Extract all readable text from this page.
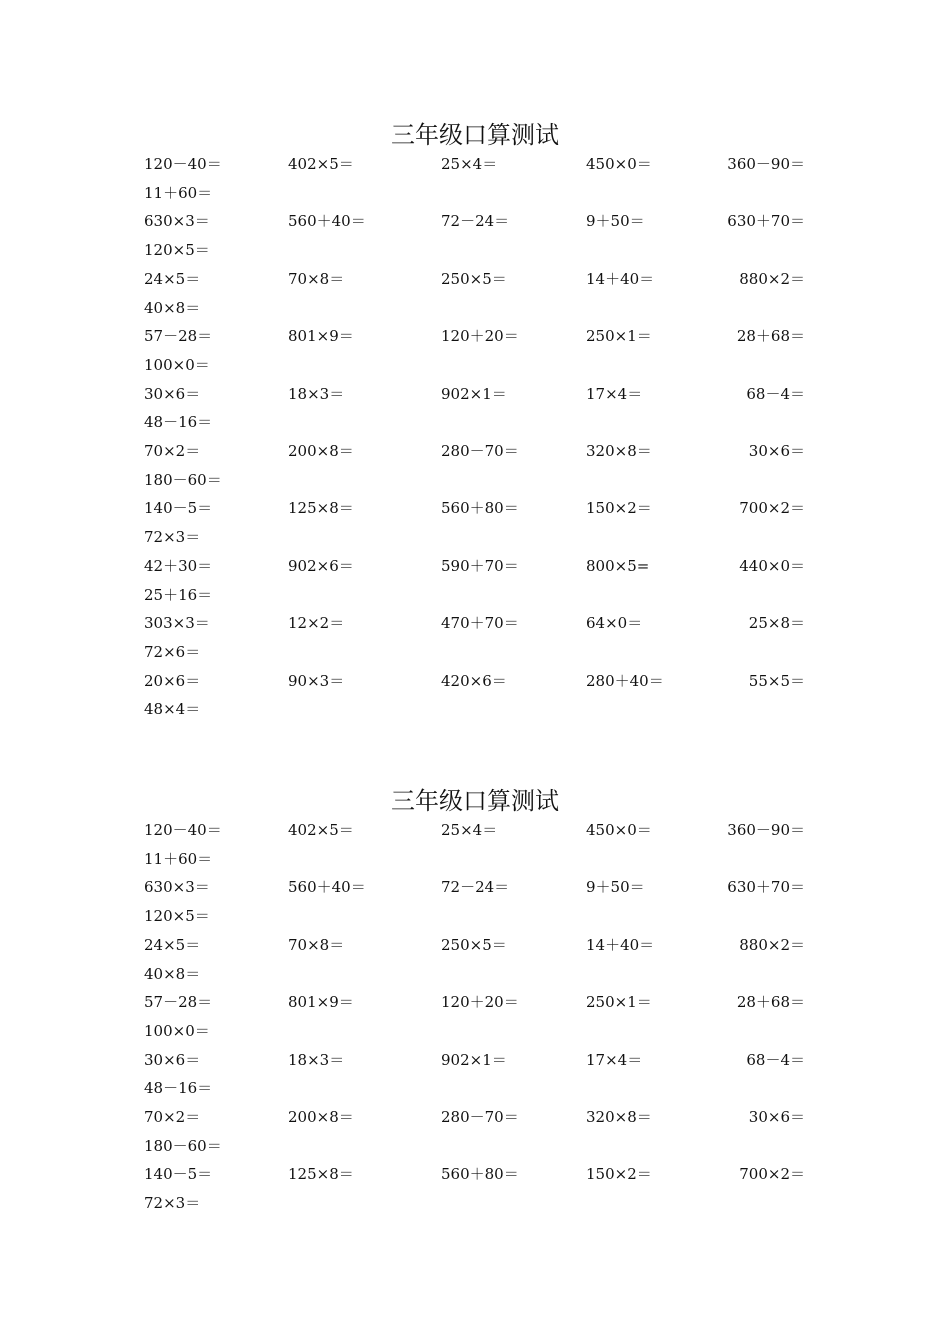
三年级口算测试
120－40＝	402×5＝	25×4＝	450×0＝	360－90＝
11＋60＝
630×3＝	560＋40＝	72－24＝	9＋50＝	630＋70＝
120×5＝
24×5＝	70×8＝	250×5＝	14＋40＝	880×2＝
40×8＝
57－28＝	801×9＝	120＋20＝	250×1＝	28＋68＝
100×0＝
30×6＝	18×3＝	902×1＝	17×4＝	68－4＝
48－16＝
70×2＝	200×8＝	280－70＝	320×8＝	30×6＝
180－60＝
140－5＝	125×8＝	560＋80＝	150×2＝	700×2＝
72×3＝
42＋30＝	902×6＝	590＋70＝	800×5=	440×0＝
25＋16＝
303×3＝	12×2＝	470＋70＝	64×0＝	25×8＝
72×6＝
20×6＝	90×3＝	420×6＝	280＋40＝	55×5＝
48×4＝
三年级口算测试
120－40＝	402×5＝	25×4＝	450×0＝	360－90＝
11＋60＝
630×3＝	560＋40＝	72－24＝	9＋50＝	630＋70＝
120×5＝
24×5＝	70×8＝	250×5＝	14＋40＝	880×2＝
40×8＝
57－28＝	801×9＝	120＋20＝	250×1＝	28＋68＝
100×0＝
30×6＝	18×3＝	902×1＝	17×4＝	68－4＝
48－16＝
70×2＝	200×8＝	280－70＝	320×8＝	30×6＝
180－60＝
140－5＝	125×8＝	560＋80＝	150×2＝	700×2＝
72×3＝
